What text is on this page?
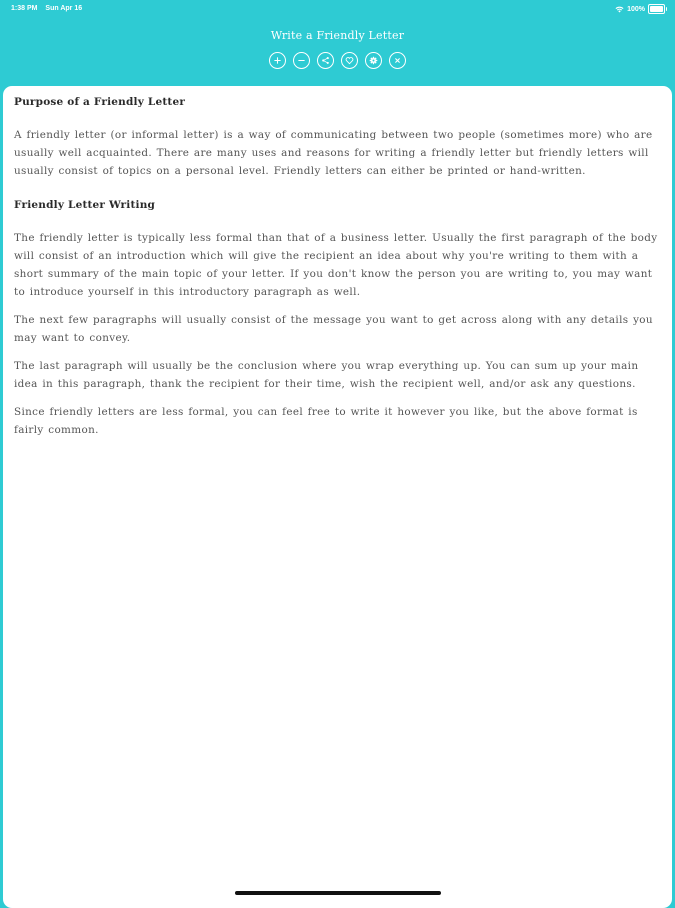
1:38 PM Sun Apr 16	100%
Write a Friendly Letter
Purpose of a Friendly Letter

A friendly letter (or informal letter) is a way of communicating between two people (sometimes more) who are usually well acquainted. There are many uses and reasons for writing a friendly letter but friendly letters will usually consist of topics on a personal level. Friendly letters can either be printed or hand-written.

Friendly Letter Writing

The friendly letter is typically less formal than that of a business letter. Usually the first paragraph of the body will consist of an introduction which will give the recipient an idea about why you're writing to them with a short summary of the main topic of your letter. If you don't know the person you are writing to, you may want to introduce yourself in this introductory paragraph as well.

The next few paragraphs will usually consist of the message you want to get across along with any details you may want to convey.

The last paragraph will usually be the conclusion where you wrap everything up. You can sum up your main idea in this paragraph, thank the recipient for their time, wish the recipient well, and/or ask any questions.

Since friendly letters are less formal, you can feel free to write it however you like, but the above format is fairly common.
